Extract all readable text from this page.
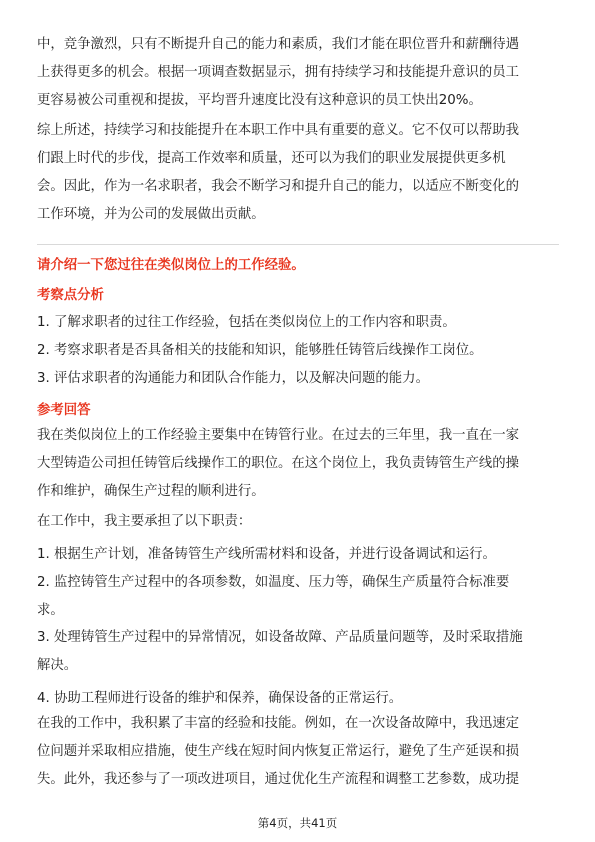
中，竞争激烈，只有不断提升自己的能力和素质，我们才能在职位晋升和薪酬待遇
上获得更多的机会。根据一项调查数据显示，拥有持续学习和技能提升意识的员工
更容易被公司重视和提拔，平均晋升速度比没有这种意识的员工快出20%。
综上所述，持续学习和技能提升在本职工作中具有重要的意义。它不仅可以帮助我
们跟上时代的步伐，提高工作效率和质量，还可以为我们的职业发展提供更多机
会。因此，作为一名求职者，我会不断学习和提升自己的能力，以适应不断变化的
工作环境，并为公司的发展做出贡献。
请介绍一下您过往在类似岗位上的工作经验。
考察点分析
1. 了解求职者的过往工作经验，包括在类似岗位上的工作内容和职责。
2. 考察求职者是否具备相关的技能和知识，能够胜任铸管后线操作工岗位。
3. 评估求职者的沟通能力和团队合作能力，以及解决问题的能力。
参考回答
我在类似岗位上的工作经验主要集中在铸管行业。在过去的三年里，我一直在一家
大型铸造公司担任铸管后线操作工的职位。在这个岗位上，我负责铸管生产线的操
作和维护，确保生产过程的顺利进行。
在工作中，我主要承担了以下职责：
1. 根据生产计划，准备铸管生产线所需材料和设备，并进行设备调试和运行。
2. 监控铸管生产过程中的各项参数，如温度、压力等，确保生产质量符合标准要
求。
3. 处理铸管生产过程中的异常情况，如设备故障、产品质量问题等，及时采取措施
解决。
4. 协助工程师进行设备的维护和保养，确保设备的正常运行。
在我的工作中，我积累了丰富的经验和技能。例如，在一次设备故障中，我迅速定
位问题并采取相应措施，使生产线在短时间内恢复正常运行，避免了生产延误和损
失。此外，我还参与了一项改进项目，通过优化生产流程和调整工艺参数，成功提
第4页，共41页
